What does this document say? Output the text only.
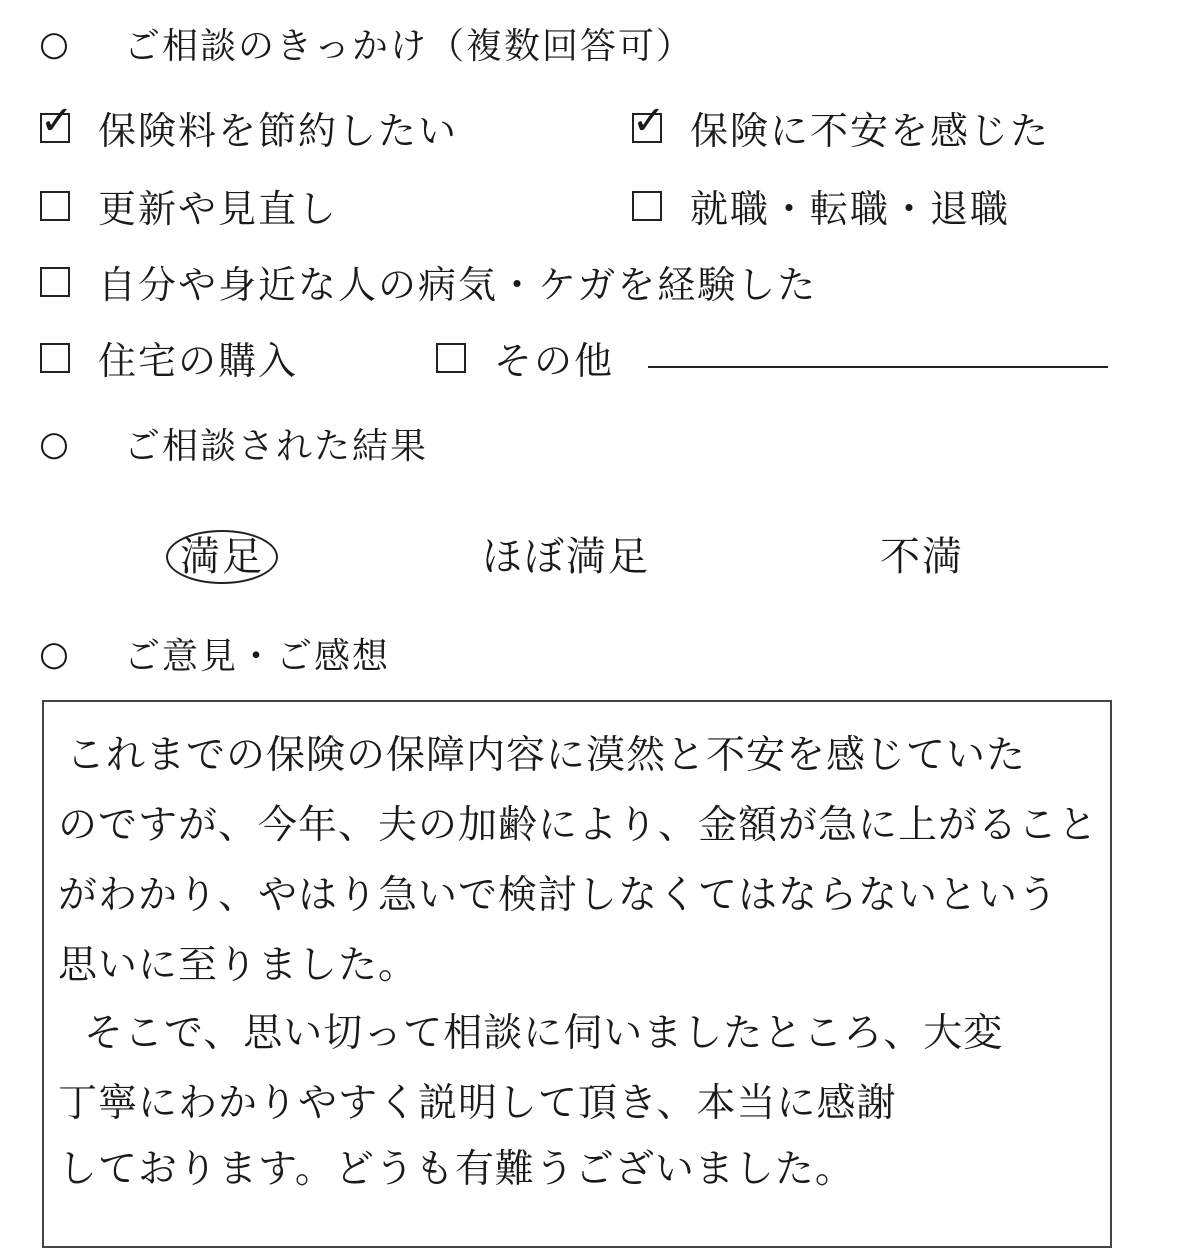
○ ご相談のきっかけ（複数回答可）
✓ 保険料を節約したい	✓ 保険に不安を感じた
更新や見直し	就職・転職・退職
自分や身近な人の病気・ケガを経験した
住宅の購入	その他
○ ご相談された結果
満足	ほぼ満足	不満
○ ご意見・ご感想
これまでの保険の保障内容に漠然と不安を感じていた
のですが、今年、夫の加齢により、金額が急に上がること
がわかり、やはり急いで検討しなくてはならないという
思いに至りました。
そこで、思い切って相談に伺いましたところ、大変
丁寧にわかりやすく説明して頂き、本当に感謝
しております。どうも有難うございました。
